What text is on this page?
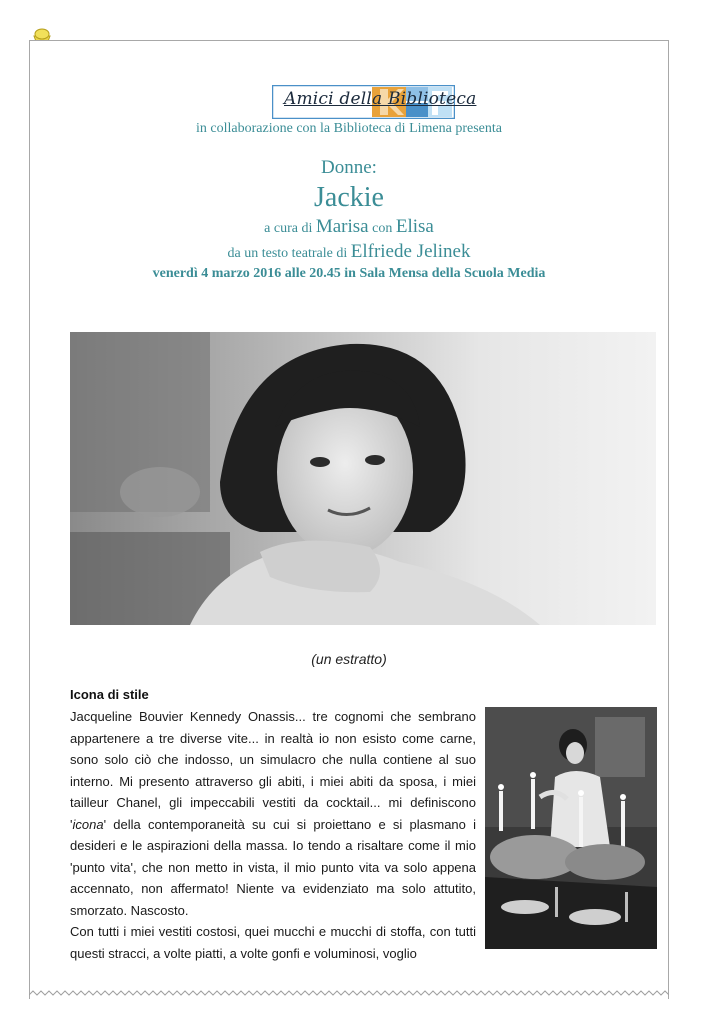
Amici della Biblioteca
in collaborazione con la Biblioteca di Limena presenta
Donne:
Jackie
a cura di Marisa con Elisa
da un testo teatrale di Elfriede Jelinek
venerdì 4 marzo 2016 alle 20.45 in Sala Mensa della Scuola Media
(un estratto)
Icona di stile

Jacqueline Bouvier Kennedy Onassis... tre cognomi che sembrano appartenere a tre diverse vite... in realtà io non esisto come carne, sono solo ciò che indosso, un simulacro che nulla contiene al suo interno. Mi presento attraverso gli abiti, i miei abiti da sposa, i miei tailleur Chanel, gli impeccabili vestiti da cocktail... mi definiscono 'icona' della contemporaneità su cui si proiettano e si plasmano i desideri e le aspirazioni della massa. Io tendo a risaltare come il mio 'punto vita', che non metto in vista, il mio punto vita va solo appena accennato, non affermato! Niente va evidenziato ma solo attutito, smorzato. Nascosto.

Con tutti i miei vestiti costosi, quei mucchi e mucchi di stoffa, con tutti questi stracci, a volte piatti, a volte gonfi e voluminosi, voglio
